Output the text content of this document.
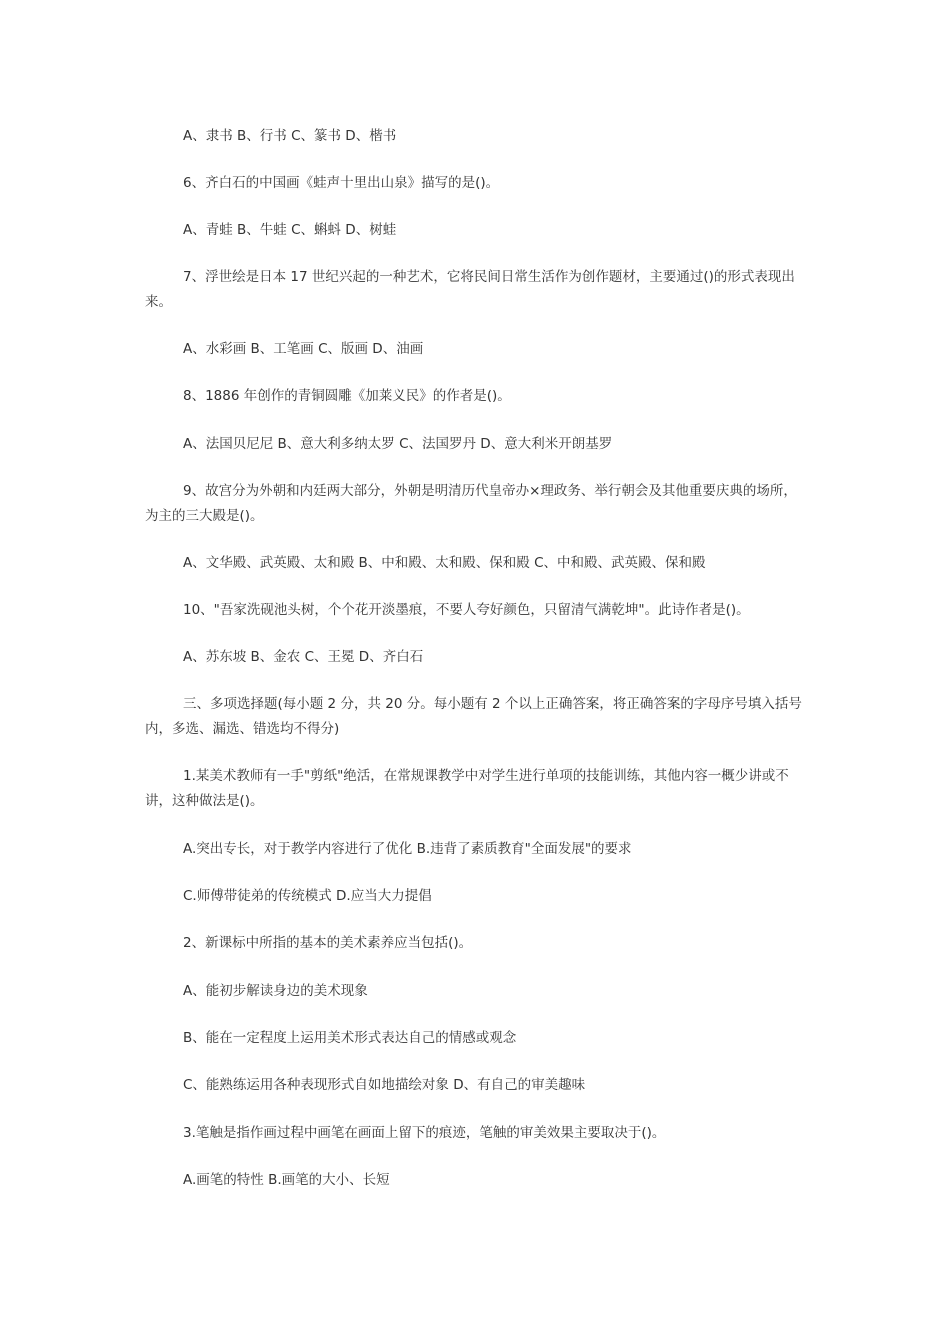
A、隶书 B、行书 C、篆书 D、楷书

6、齐白石的中国画《蛙声十里出山泉》描写的是()。

A、青蛙 B、牛蛙 C、蝌蚪 D、树蛙

7、浮世绘是日本 17 世纪兴起的一种艺术，它将民间日常生活作为创作题材，主要通过()的形式表现出来。

A、水彩画 B、工笔画 C、版画 D、油画

8、1886 年创作的青铜圆雕《加莱义民》的作者是()。

A、法国贝尼尼 B、意大利多纳太罗 C、法国罗丹 D、意大利米开朗基罗

9、故宫分为外朝和内廷两大部分，外朝是明清历代皇帝办×理政务、举行朝会及其他重要庆典的场所，为主的三大殿是()。

A、文华殿、武英殿、太和殿 B、中和殿、太和殿、保和殿 C、中和殿、武英殿、保和殿

10、"吾家洗砚池头树，个个花开淡墨痕，不要人夸好颜色，只留清气满乾坤"。此诗作者是()。

A、苏东坡 B、金农 C、王冕 D、齐白石

三、多项选择题(每小题 2 分，共 20 分。每小题有 2 个以上正确答案，将正确答案的字母序号填入括号内，多选、漏选、错选均不得分)

1.某美术教师有一手"剪纸"绝活，在常规课教学中对学生进行单项的技能训练，其他内容一概少讲或不讲，这种做法是()。

A.突出专长，对于教学内容进行了优化 B.违背了素质教育"全面发展"的要求

C.师傅带徒弟的传统模式 D.应当大力提倡

2、新课标中所指的基本的美术素养应当包括()。

A、能初步解读身边的美术现象

B、能在一定程度上运用美术形式表达自己的情感或观念

C、能熟练运用各种表现形式自如地描绘对象 D、有自己的审美趣味

3.笔触是指作画过程中画笔在画面上留下的痕迹，笔触的审美效果主要取决于()。

A.画笔的特性 B.画笔的大小、长短
